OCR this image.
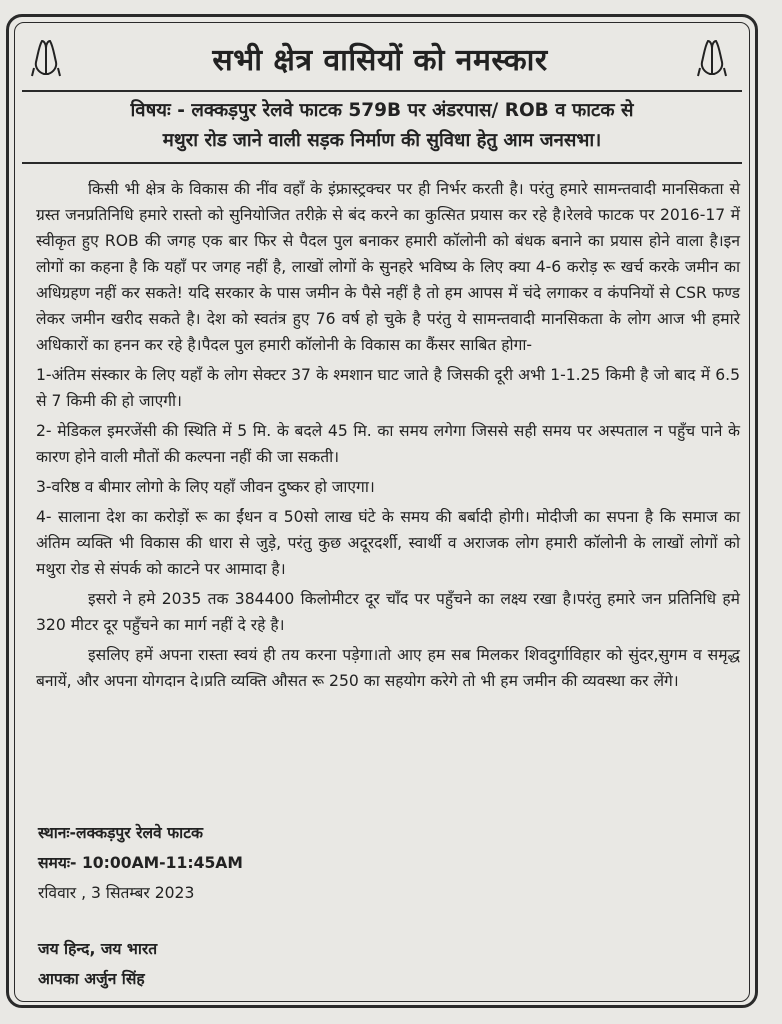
सभी क्षेत्र वासियों को नमस्कार
विषयः - लक्कड़पुर रेलवे फाटक 579B पर अंडरपास/ ROB व फाटक से
मथुरा रोड जाने वाली सड़क निर्माण की सुविधा हेतु आम जनसभा।

किसी भी क्षेत्र के विकास की नींव वहाँ के इंफ्रास्ट्रक्चर पर ही निर्भर करती है। परंतु हमारे सामन्तवादी मानसिकता से ग्रस्त जनप्रतिनिधि हमारे रास्तो को सुनियोजित तरीक़े से बंद करने का कुत्सित प्रयास कर रहे है।रेलवे फाटक पर 2016-17 में स्वीकृत हुए ROB की जगह एक बार फिर से पैदल पुल बनाकर हमारी कॉलोनी को बंधक बनाने का प्रयास होने वाला है।इन लोगों का कहना है कि यहाँ पर जगह नहीं है, लाखों लोगों के सुनहरे भविष्य के लिए क्या 4-6 करोड़ रू खर्च करके जमीन का अधिग्रहण नहीं कर सकते! यदि सरकार के पास जमीन के पैसे नहीं है तो हम आपस में चंदे लगाकर व कंपनियों से CSR फण्ड लेकर जमीन खरीद सकते है। देश को स्वतंत्र हुए 76 वर्ष हो चुके है परंतु ये सामन्तवादी मानसिकता के लोग आज भी हमारे अधिकारों का हनन कर रहे है।पैदल पुल हमारी कॉलोनी के विकास का कैंसर साबित होगा-

1-अंतिम संस्कार के लिए यहाँ के लोग सेक्टर 37 के श्मशान घाट जाते है जिसकी दूरी अभी 1-1.25 किमी है जो बाद में 6.5 से 7 किमी की हो जाएगी।

2- मेडिकल इमरजेंसी की स्थिति में 5 मि. के बदले 45 मि. का समय लगेगा जिससे सही समय पर अस्पताल न पहुँच पाने के कारण होने वाली मौतों की कल्पना नहीं की जा सकती।

3-वरिष्ठ व बीमार लोगो के लिए यहाँ जीवन दुष्कर हो जाएगा।

4- सालाना देश का करोड़ों रू का ईंधन व 50सो लाख घंटे के समय की बर्बादी होगी। मोदीजी का सपना है कि समाज का अंतिम व्यक्ति भी विकास की धारा से जुड़े, परंतु कुछ अदूरदर्शी, स्वार्थी व अराजक लोग हमारी कॉलोनी के लाखों लोगों को मथुरा रोड से संपर्क को काटने पर आमादा है।

इसरो ने हमे 2035 तक 384400 किलोमीटर दूर चाँद पर पहुँचने का लक्ष्य रखा है।परंतु हमारे जन प्रतिनिधि हमे 320 मीटर दूर पहुँचने का मार्ग नहीं दे रहे है।

इसलिए हमें अपना रास्ता स्वयं ही तय करना पड़ेगा।तो आए हम सब मिलकर शिवदुर्गाविहार को सुंदर,सुगम व समृद्ध बनायें, और अपना योगदान दे।प्रति व्यक्ति औसत रू 250 का सहयोग करेगे तो भी हम जमीन की व्यवस्था कर लेंगे।

स्थानः-लक्कड़पुर रेलवे फाटक
समयः- 10:00AM-11:45AM
रविवार , 3 सितम्बर 2023
जय हिन्द, जय भारत
आपका अर्जुन सिंह
